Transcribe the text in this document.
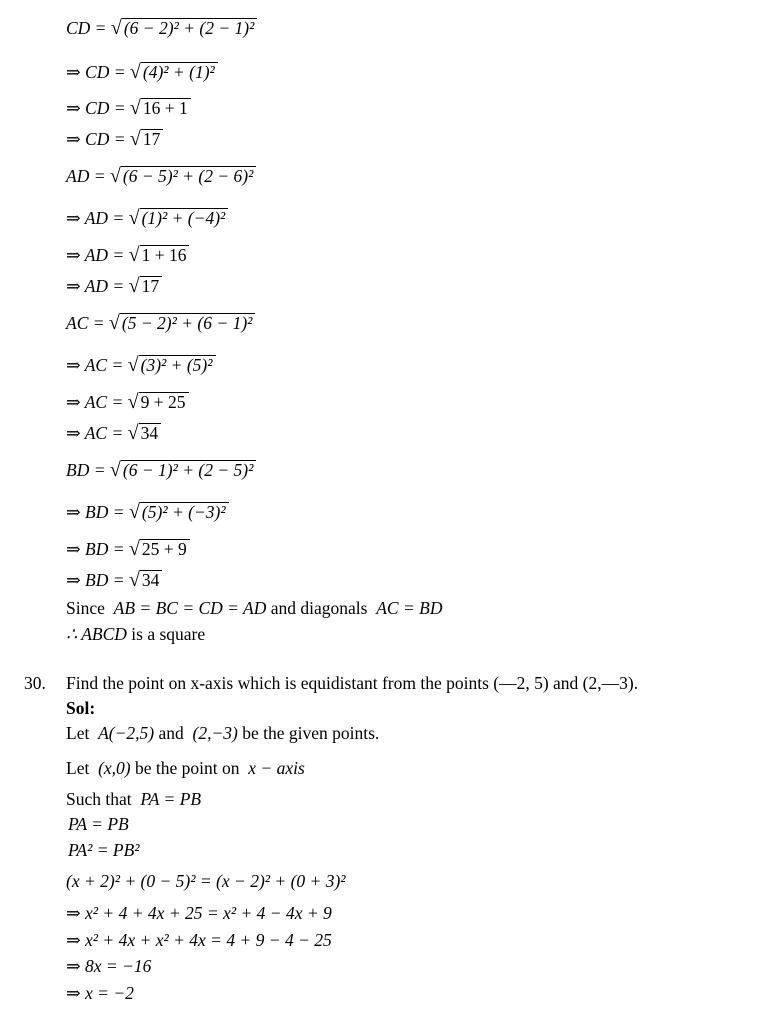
CD = √ (6 − 2)² + (2 − 1)²
⇒ CD = √ (4)² + (1)²
⇒ CD = √ 16 + 1
⇒ CD = √ 17
AD = √ (6 − 5)² + (2 − 6)²
⇒ AD = √ (1)² + (−4)²
⇒ AD = √ 1 + 16
⇒ AD = √ 17
AC = √ (5 − 2)² + (6 − 1)²
⇒ AC = √ (3)² + (5)²
⇒ AC = √ 9 + 25
⇒ AC = √ 34
BD = √ (6 − 1)² + (2 − 5)²
⇒ BD = √ (5)² + (−3)²
⇒ BD = √ 25 + 9
⇒ BD = √ 34
Since AB = BC = CD = AD and diagonals AC = BD
∴ ABCD is a square
30. Find the point on x-axis which is equidistant from the points (—2, 5) and (2,—3).
Sol:
Let A(−2,5) and (2,−3) be the given points.
Let (x,0) be the point on x − axis
Such that PA = PB
PA = PB
PA² = PB²
(x + 2)² + (0 − 5)² = (x − 2)² + (0 + 3)²
⇒ x² + 4 + 4x + 25 = x² + 4 − 4x + 9
⇒ x² + 4x + x² + 4x = 4 + 9 − 4 − 25
⇒ 8x = −16
⇒ x = −2
